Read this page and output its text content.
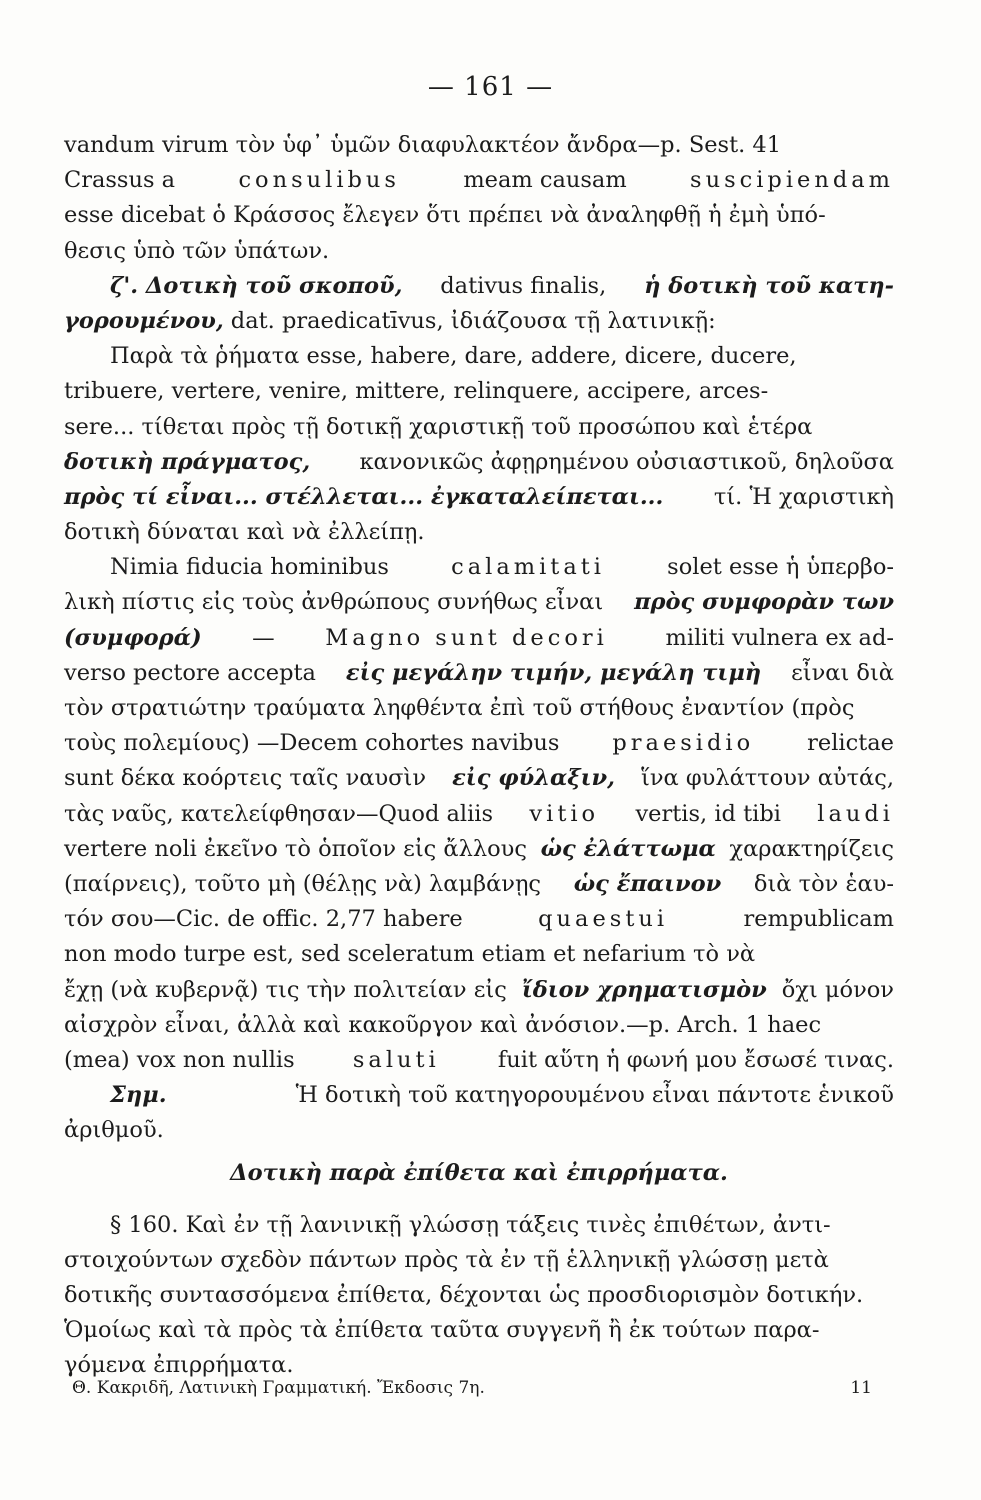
— 161 —
vandum virum τὸν ὑφ᾽ ὑμῶν διαφυλακτέον ἄνδρα—p. Sest. 41
Crassus a consulibus meam causam suscipiendam
esse dicebat ὁ Κράσσος ἔλεγεν ὅτι πρέπει νὰ ἀναληφθῇ ἡ ἐμὴ ὑπό-
θεσις ὑπὸ τῶν ὑπάτων.
ζ'. Δοτικὴ τοῦ σκοποῦ, dativus finalis, ἡ δοτικὴ τοῦ κατη-
γορουμένου, dat. praedicatīvus, ἰδιάζουσα τῇ λατινικῇ:
Παρὰ τὰ ῥήματα esse, habere, dare, addere, dicere, ducere,
tribuere, vertere, venire, mittere, relinquere, accipere, arces-
sere... τίθεται πρὸς τῇ δοτικῇ χαριστικῇ τοῦ προσώπου καὶ ἑτέρα
δοτικὴ πράγματος, κανονικῶς ἀφῃρημένου οὐσιαστικοῦ, δηλοῦσα
πρὸς τί εἶναι... στέλλεται... ἐγκαταλείπεται... τί. Ἡ χαριστικὴ
δοτικὴ δύναται καὶ νὰ ἐλλείπῃ.
Nimia fiducia hominibus calamitati solet esse ἡ ὑπερβο-
λικὴ πίστις εἰς τοὺς ἀνθρώπους συνήθως εἶναι πρὸς συμφορὰν των
(συμφορά) — Magno sunt decori militi vulnera ex ad-
verso pectore accepta εἰς μεγάλην τιμήν, μεγάλη τιμὴ εἶναι διὰ
τὸν στρατιώτην τραύματα ληφθέντα ἐπὶ τοῦ στήθους ἐναντίον (πρὸς
τοὺς πολεμίους) —Decem cohortes navibus praesidio relictae
sunt δέκα κοόρτεις ταῖς ναυσὶν εἰς φύλαξιν, ἵνα φυλάττουν αὐτάς,
τὰς ναῦς, κατελείφθησαν—Quod aliis vitio vertis, id tibi laudi
vertere noli ἐκεῖνο τὸ ὁποῖον εἰς ἄλλους ὡς ἐλάττωμα χαρακτηρίζεις
(παίρνεις), τοῦτο μὴ (θέλῃς νὰ) λαμβάνῃς ὡς ἔπαινον διὰ τὸν ἑαυ-
τόν σου—Cic. de offic. 2,77 habere	quaestui	rempublicam
non modo turpe est, sed sceleratum etiam et nefarium τὸ νὰ
ἔχῃ (νὰ κυβερνᾷ) τις τὴν πολιτείαν εἰς ἴδιον χρηματισμὸν ὄχι μόνον
αἰσχρὸν εἶναι, ἀλλὰ καὶ κακοῦργον καὶ ἀνόσιον.—p. Arch. 1 haec
(mea) vox non nullis saluti fuit αὕτη ἡ φωνή μου ἔσωσέ τινας.
Σημ.	Ἡ δοτικὴ τοῦ κατηγορουμένου εἶναι πάντοτε ἑνικοῦ
ἀριθμοῦ.
Δοτικὴ παρὰ ἐπίθετα καὶ ἐπιρρήματα.
§ 160. Καὶ ἐν τῇ λανινικῇ γλώσσῃ τάξεις τινὲς ἐπιθέτων, ἀντι-
στοιχούντων σχεδὸν πάντων πρὸς τὰ ἐν τῇ ἑλληνικῇ γλώσσῃ μετὰ
δοτικῆς συντασσόμενα ἐπίθετα, δέχονται ὡς προσδιορισμὸν δοτικήν.
Ὁμοίως καὶ τὰ πρὸς τὰ ἐπίθετα ταῦτα συγγενῆ ἢ ἐκ τούτων παρα-
γόμενα ἐπιρρήματα.
Θ. Κακριδῆ, Λατινικὴ Γραμματική. Ἔκδοσις 7η.	11
